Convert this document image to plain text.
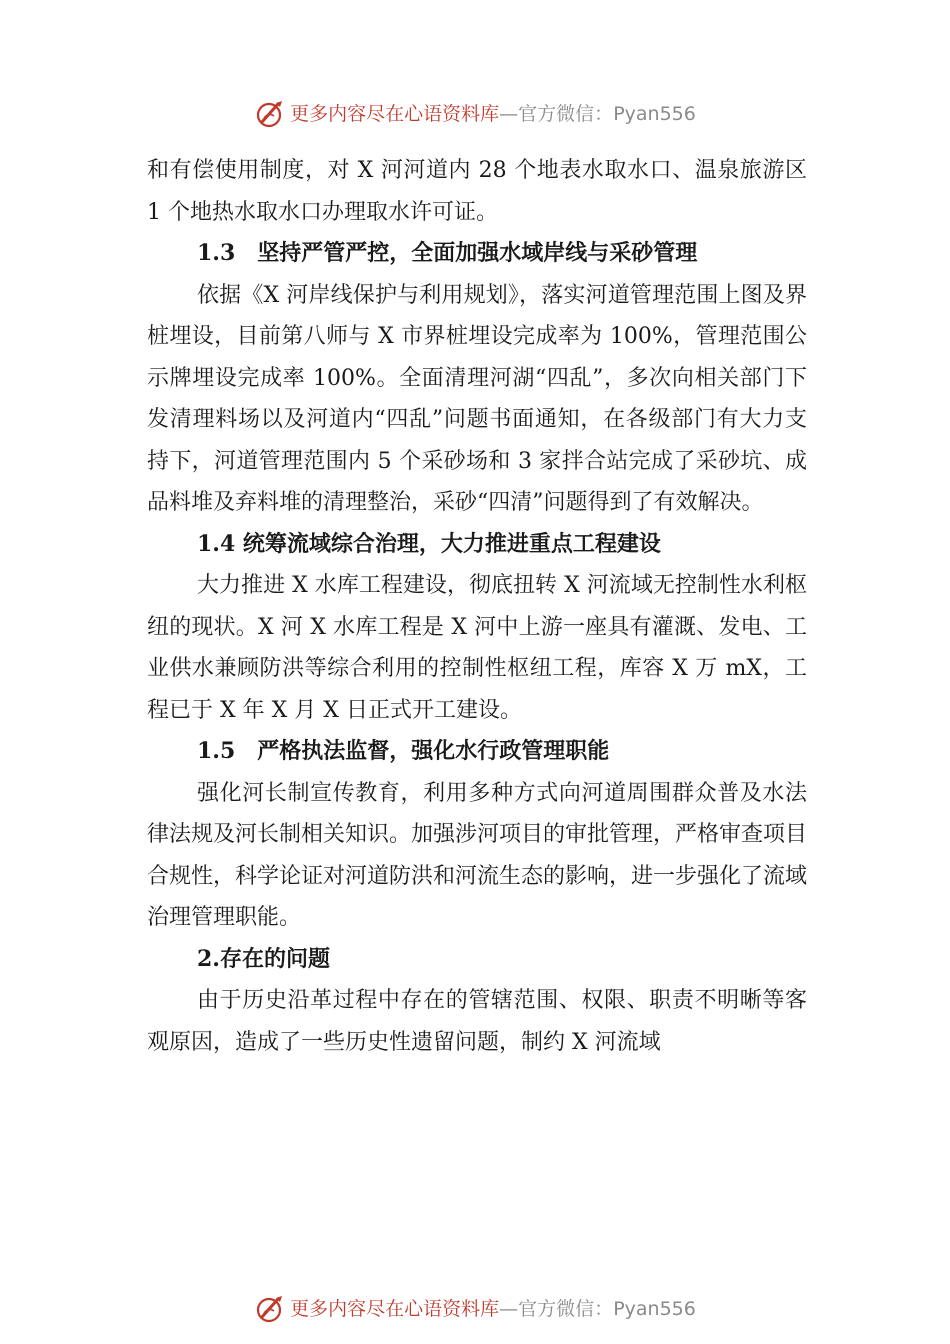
更多内容尽在心语资料库 — 官方微信： Pyan556

和有偿使用制度，对 X 河河道内 28 个地表水取水口、温泉旅游区 1 个地热水取水口办理取水许可证。

1.3　坚持严管严控，全面加强水域岸线与采砂管理

依据《X 河岸线保护与利用规划》，落实河道管理范围上图及界桩埋设，目前第八师与 X 市界桩埋设完成率为 100%，管理范围公示牌埋设完成率 100%。全面清理河湖“四乱”，多次向相关部门下发清理料场以及河道内“四乱”问题书面通知，在各级部门有大力支持下，河道管理范围内 5 个采砂场和 3 家拌合站完成了采砂坑、成品料堆及弃料堆的清理整治，采砂“四清”问题得到了有效解决。

1.4 统筹流域综合治理，大力推进重点工程建设

大力推进 X 水库工程建设，彻底扭转 X 河流域无控制性水利枢纽的现状。X 河 X 水库工程是 X 河中上游一座具有灌溉、发电、工业供水兼顾防洪等综合利用的控制性枢纽工程，库容 X 万 mX，工程已于 X 年 X 月 X 日正式开工建设。

1.5　严格执法监督，强化水行政管理职能

强化河长制宣传教育，利用多种方式向河道周围群众普及水法律法规及河长制相关知识。加强涉河项目的审批管理，严格审查项目合规性，科学论证对河道防洪和河流生态的影响，进一步强化了流域治理管理职能。

2.存在的问题

由于历史沿革过程中存在的管辖范围、权限、职责不明晰等客观原因，造成了一些历史性遗留问题，制约 X 河流域

更多内容尽在心语资料库 — 官方微信： Pyan556
